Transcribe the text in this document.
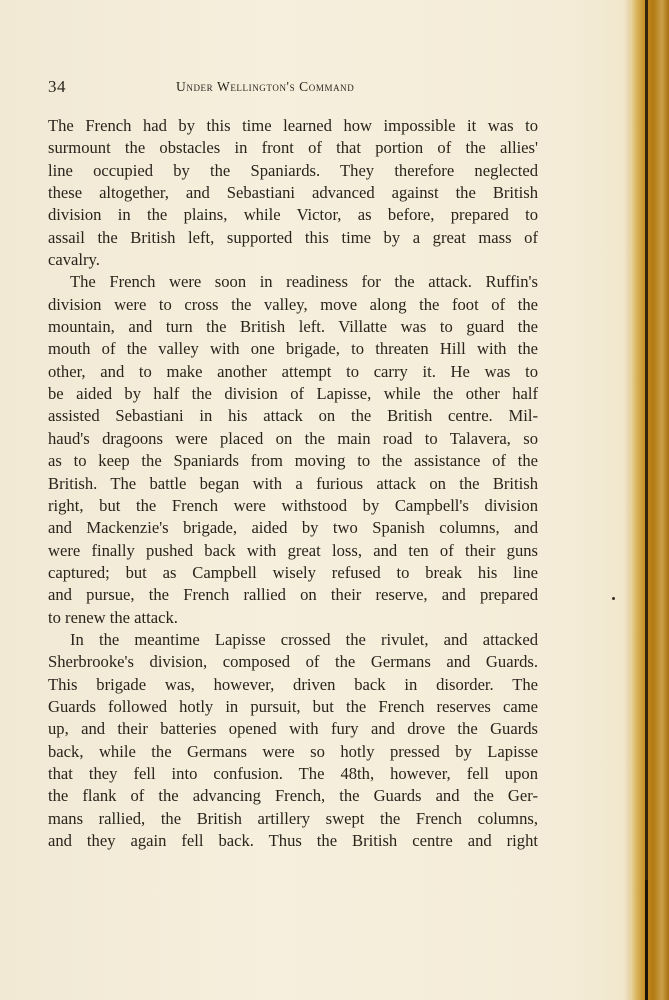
34	Under Wellington's Command
The French had by this time learned how impossible it was to
surmount the obstacles in front of that portion of the allies'
line occupied by the Spaniards. They therefore neglected
these altogether, and Sebastiani advanced against the British
division in the plains, while Victor, as before, prepared to
assail the British left, supported this time by a great mass of
cavalry.
The French were soon in readiness for the attack. Ruffin's
division were to cross the valley, move along the foot of the
mountain, and turn the British left. Villatte was to guard the
mouth of the valley with one brigade, to threaten Hill with the
other, and to make another attempt to carry it. He was to
be aided by half the division of Lapisse, while the other half
assisted Sebastiani in his attack on the British centre. Mil-
haud's dragoons were placed on the main road to Talavera, so
as to keep the Spaniards from moving to the assistance of the
British. The battle began with a furious attack on the British
right, but the French were withstood by Campbell's division
and Mackenzie's brigade, aided by two Spanish columns, and
were finally pushed back with great loss, and ten of their guns
captured; but as Campbell wisely refused to break his line
and pursue, the French rallied on their reserve, and prepared
to renew the attack.
In the meantime Lapisse crossed the rivulet, and attacked
Sherbrooke's division, composed of the Germans and Guards.
This brigade was, however, driven back in disorder. The
Guards followed hotly in pursuit, but the French reserves came
up, and their batteries opened with fury and drove the Guards
back, while the Germans were so hotly pressed by Lapisse
that they fell into confusion. The 48th, however, fell upon
the flank of the advancing French, the Guards and the Ger-
mans rallied, the British artillery swept the French columns,
and they again fell back. Thus the British centre and right
